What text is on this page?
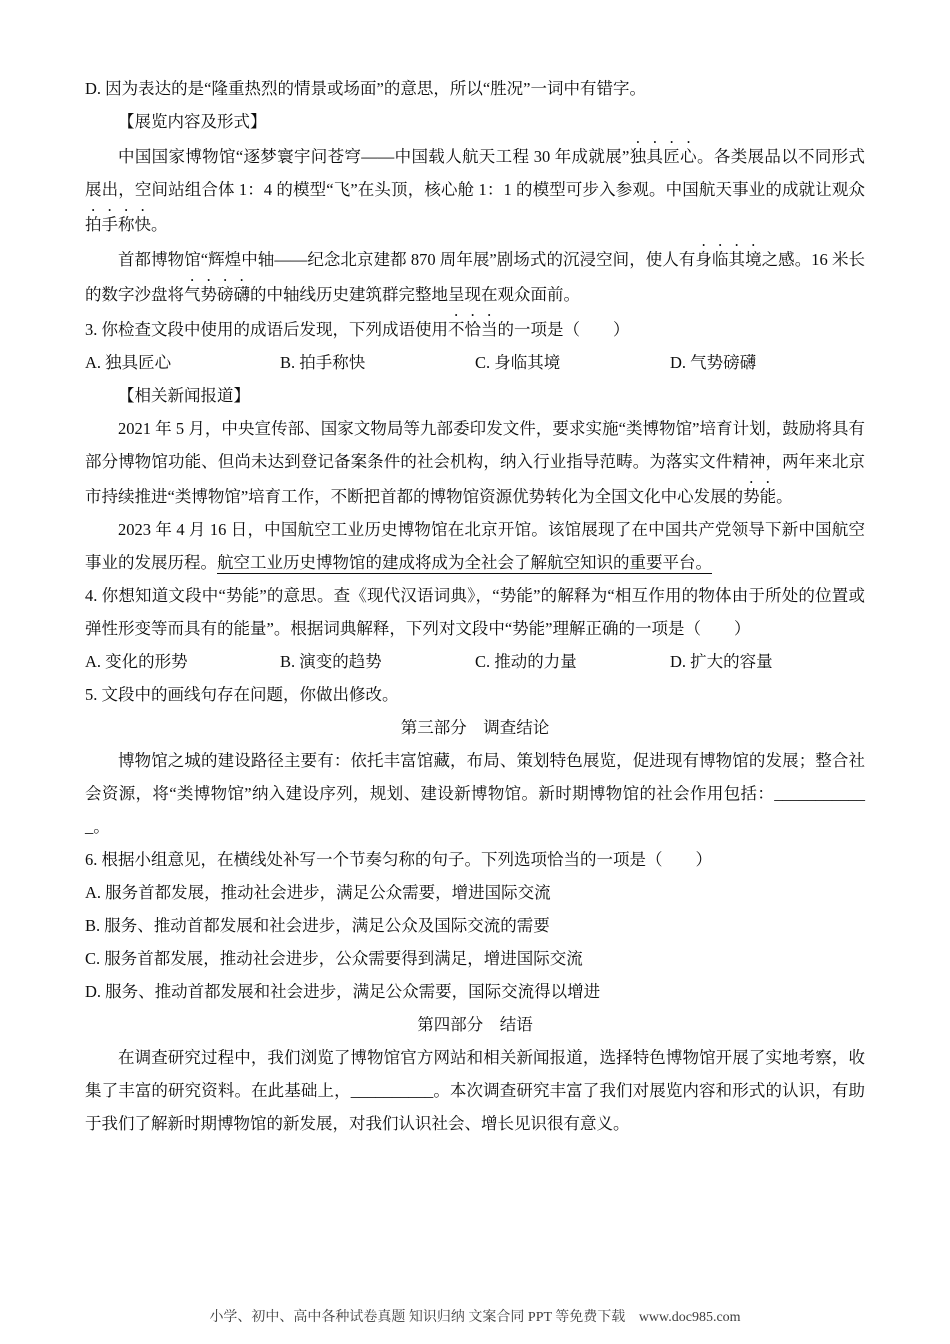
D. 因为表达的是“隆重热烈的情景或场面”的意思，所以“胜况”一词中有错字。
【展览内容及形式】
中国国家博物馆“逐梦寰宇问苍穹——中国载人航天工程 30 年成就展”独具匠心。各类展品以不同形式展出，空间站组合体 1：4 的模型“飞”在头顶，核心舱 1：1 的模型可步入参观。中国航天事业的成就让观众拍手称快。
首都博物馆“辉煌中轴——纪念北京建都 870 周年展”剧场式的沉浸空间，使人有身临其境之感。16 米长的数字沙盘将气势磅礴的中轴线历史建筑群完整地呈现在观众面前。
3. 你检查文段中使用的成语后发现，下列成语使用不恰当的一项是（　　）
A. 独具匠心	B. 拍手称快	C. 身临其境	D. 气势磅礴
【相关新闻报道】
2021 年 5 月，中央宣传部、国家文物局等九部委印发文件，要求实施“类博物馆”培育计划，鼓励将具有部分博物馆功能、但尚未达到登记备案条件的社会机构，纳入行业指导范畴。为落实文件精神，两年来北京市持续推进“类博物馆”培育工作，不断把首都的博物馆资源优势转化为全国文化中心发展的势能。
2023 年 4 月 16 日，中国航空工业历史博物馆在北京开馆。该馆展现了在中国共产党领导下新中国航空事业的发展历程。航空工业历史博物馆的建成将成为全社会了解航空知识的重要平台。
4. 你想知道文段中“势能”的意思。查《现代汉语词典》，“势能”的解释为“相互作用的物体由于所处的位置或弹性形变等而具有的能量”。根据词典解释，下列对文段中“势能”理解正确的一项是（　　）
A. 变化的形势	B. 演变的趋势	C. 推动的力量	D. 扩大的容量
5. 文段中的画线句存在问题，你做出修改。
第三部分　调查结论
博物馆之城的建设路径主要有：依托丰富馆藏，布局、策划特色展览，促进现有博物馆的发展；整合社会资源，将“类博物馆”纳入建设序列，规划、建设新博物馆。新时期博物馆的社会作用包括：____________。
6. 根据小组意见，在横线处补写一个节奏匀称的句子。下列选项恰当的一项是（　　）
A. 服务首都发展，推动社会进步，满足公众需要，增进国际交流
B. 服务、推动首都发展和社会进步，满足公众及国际交流的需要
C. 服务首都发展，推动社会进步，公众需要得到满足，增进国际交流
D. 服务、推动首都发展和社会进步，满足公众需要，国际交流得以增进
第四部分　结语
在调查研究过程中，我们浏览了博物馆官方网站和相关新闻报道，选择特色博物馆开展了实地考察，收集了丰富的研究资料。在此基础上，__________。本次调查研究丰富了我们对展览内容和形式的认识，有助于我们了解新时期博物馆的新发展，对我们认识社会、增长见识很有意义。
小学、初中、高中各种试卷真题 知识归纳 文案合同 PPT 等免费下载 www.doc985.com
